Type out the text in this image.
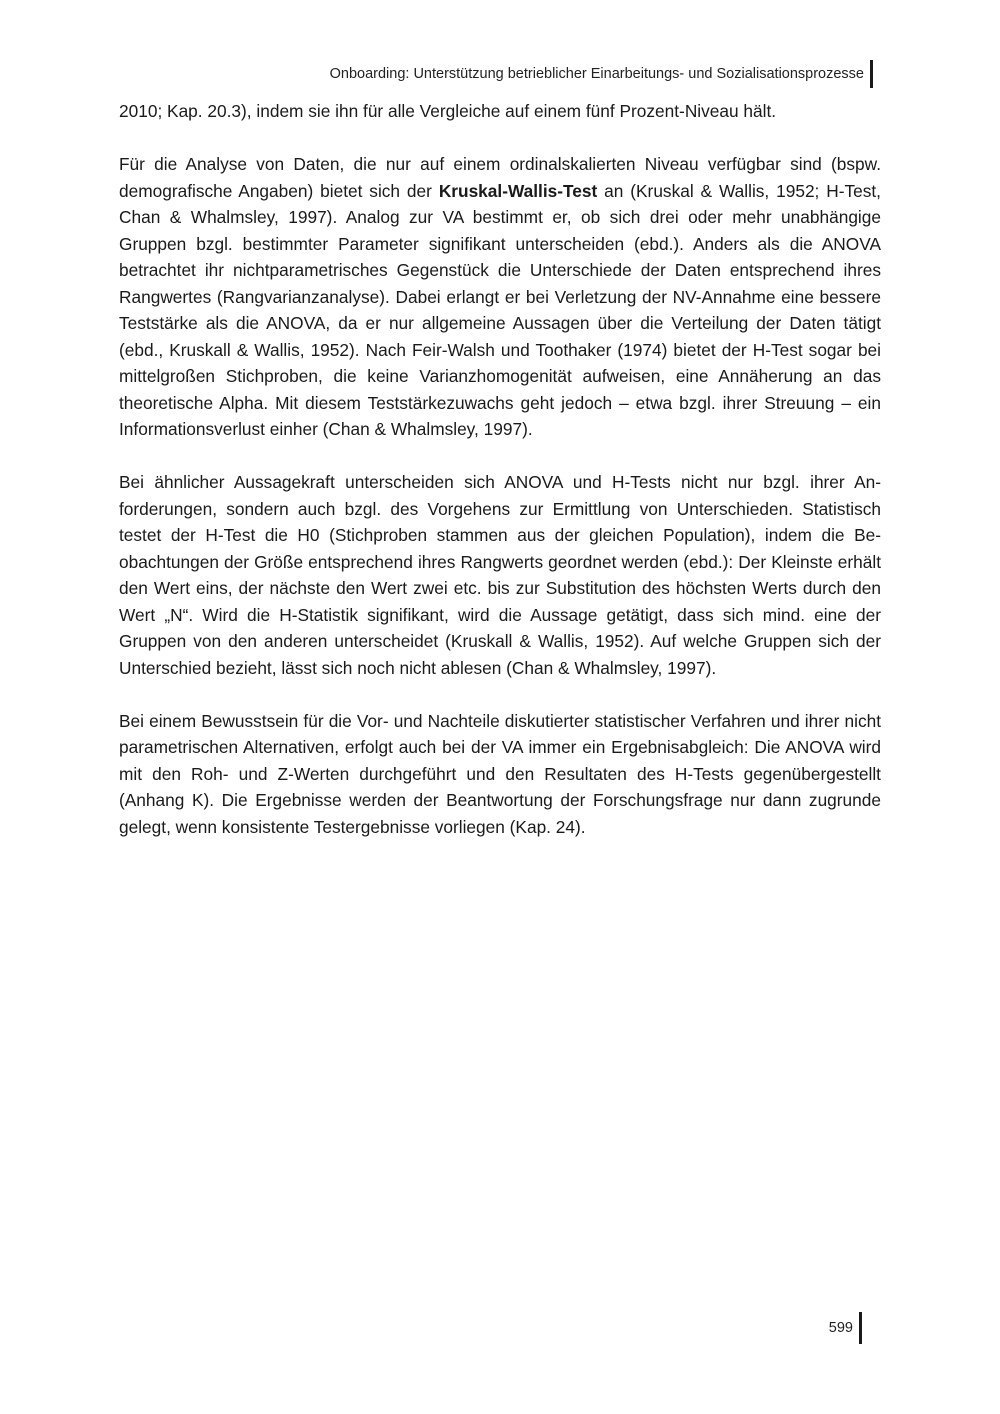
Onboarding: Unterstützung betrieblicher Einarbeitungs- und Sozialisationsprozesse

2010; Kap. 20.3), indem sie ihn für alle Vergleiche auf einem fünf Prozent-Niveau hält.

Für die Analyse von Daten, die nur auf einem ordinalskalierten Niveau verfügbar sind (bspw. demografische Angaben) bietet sich der Kruskal-Wallis-Test an (Kruskal & Wallis, 1952; H-Test, Chan & Whalmsley, 1997). Analog zur VA bestimmt er, ob sich drei oder mehr unabhängige Gruppen bzgl. bestimmter Parameter signifikant unterscheiden (ebd.). Anders als die ANOVA betrachtet ihr nichtparametrisches Gegenstück die Unterschiede der Daten entsprechend ihres Rangwertes (Rangvarianzanalyse). Dabei erlangt er bei Verletzung der NV-Annahme eine bessere Teststärke als die ANOVA, da er nur allgemeine Aussagen über die Verteilung der Daten tätigt (ebd., Kruskall & Wallis, 1952). Nach Feir-Walsh und Toothaker (1974) bietet der H-Test sogar bei mittelgroßen Stichproben, die keine Varianzhomogenität aufweisen, eine Annäherung an das theoretische Alpha. Mit diesem Teststärkezuwachs geht jedoch – etwa bzgl. ihrer Streuung – ein Informationsverlust einher (Chan & Whalmsley, 1997).

Bei ähnlicher Aussagekraft unterscheiden sich ANOVA und H-Tests nicht nur bzgl. ihrer Anforderungen, sondern auch bzgl. des Vorgehens zur Ermittlung von Unterschieden. Statistisch testet der H-Test die H0 (Stichproben stammen aus der gleichen Population), indem die Beobachtungen der Größe entsprechend ihres Rangwerts geordnet werden (ebd.): Der Kleinste erhält den Wert eins, der nächste den Wert zwei etc. bis zur Substitution des höchsten Werts durch den Wert „N“. Wird die H-Statistik signifikant, wird die Aussage getätigt, dass sich mind. eine der Gruppen von den anderen unterscheidet (Kruskall & Wallis, 1952). Auf welche Gruppen sich der Unterschied bezieht, lässt sich noch nicht ablesen (Chan & Whalmsley, 1997).

Bei einem Bewusstsein für die Vor- und Nachteile diskutierter statistischer Verfahren und ihrer nicht parametrischen Alternativen, erfolgt auch bei der VA immer ein Ergebnisabgleich: Die ANOVA wird mit den Roh- und Z-Werten durchgeführt und den Resultaten des H-Tests gegenübergestellt (Anhang K). Die Ergebnisse werden der Beantwortung der Forschungsfrage nur dann zugrunde gelegt, wenn konsistente Testergebnisse vorliegen (Kap. 24).

599
